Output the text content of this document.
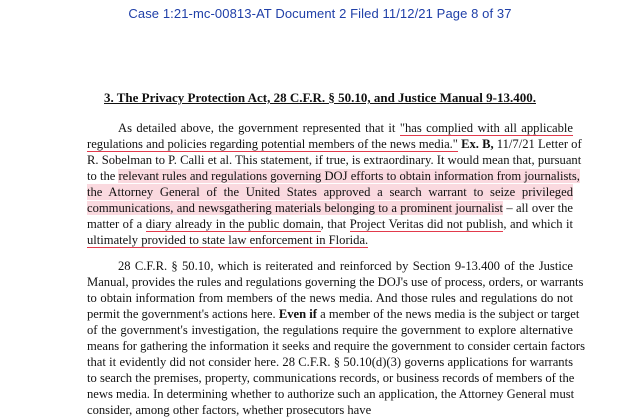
Case 1:21-mc-00813-AT Document 2 Filed 11/12/21 Page 8 of 37
3. The Privacy Protection Act, 28 C.F.R. § 50.10, and Justice Manual 9-13.400.
As detailed above, the government represented that it "has complied with all applicable
regulations and policies regarding potential members of the news media." Ex. B, 11/7/21 Letter of
R. Sobelman to P. Calli et al. This statement, if true, is extraordinary. It would mean that, pursuant
to the relevant rules and regulations governing DOJ efforts to obtain information from journalists,
the Attorney General of the United States approved a search warrant to seize privileged
communications, and newsgathering materials belonging to a prominent journalist – all over the
matter of a diary already in the public domain, that Project Veritas did not publish, and which it
ultimately provided to state law enforcement in Florida.
28 C.F.R. § 50.10, which is reiterated and reinforced by Section 9-13.400 of the Justice
Manual, provides the rules and regulations governing the DOJ's use of process, orders, or warrants
to obtain information from members of the news media. And those rules and regulations do not
permit the government's actions here. Even if a member of the news media is the subject or target
of the government's investigation, the regulations require the government to explore alternative
means for gathering the information it seeks and require the government to consider certain factors
that it evidently did not consider here. 28 C.F.R. § 50.10(d)(3) governs applications for warrants
to search the premises, property, communications records, or business records of members of the
news media. In determining whether to authorize such an application, the Attorney General must
consider, among other factors, whether prosecutors have
